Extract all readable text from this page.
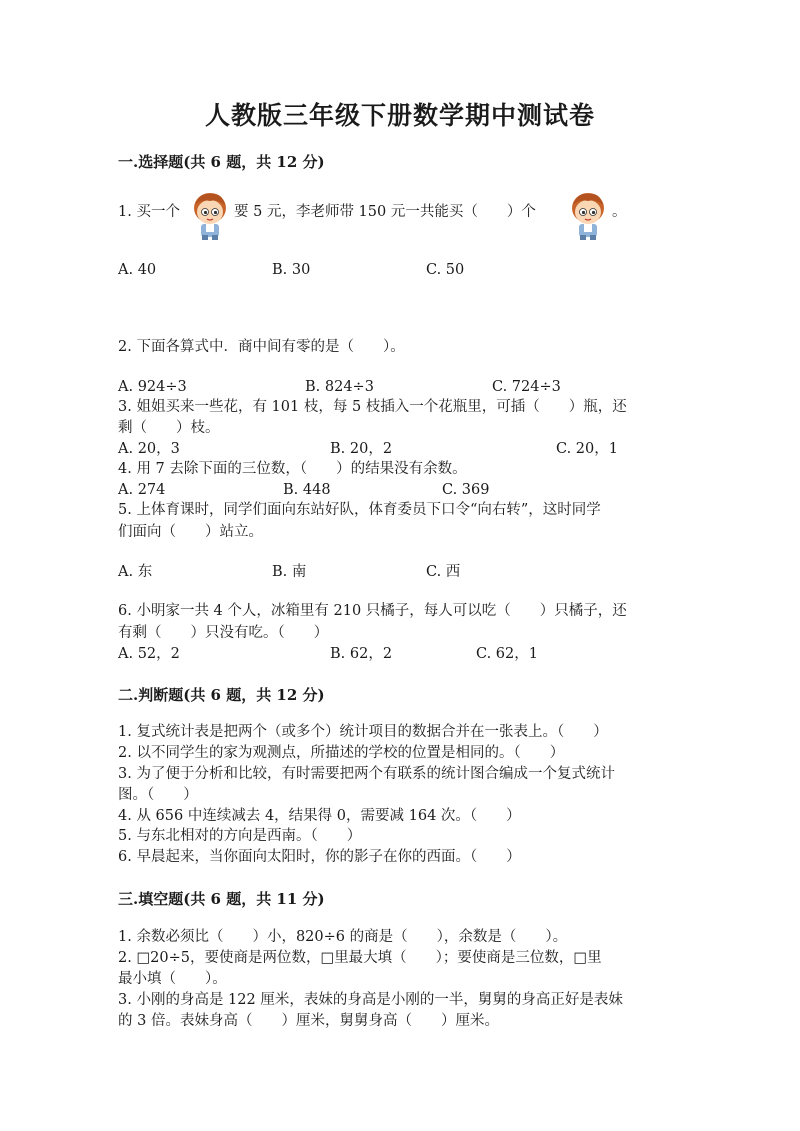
人教版三年级下册数学期中测试卷
一.选择题(共 6 题，共 12 分)
1. 买一个	要 5 元，李老师带 150 元一共能买（　　）个	。
A. 40	B. 30	C. 50
2. 下面各算式中．商中间有零的是（　　）。
A. 924÷3	B. 824÷3	C. 724÷3
3. 姐姐买来一些花，有 101 枝，每 5 枝插入一个花瓶里，可插（　　）瓶，还
剩（　　）枝。
A. 20，3	B. 20，2	C. 20，1
4. 用 7 去除下面的三位数，（　　）的结果没有余数。
A. 274	B. 448	C. 369
5. 上体育课时，同学们面向东站好队，体育委员下口令“向右转”，这时同学
们面向（　　）站立。
A. 东	B. 南	C. 西
6. 小明家一共 4 个人，冰箱里有 210 只橘子，每人可以吃（　　）只橘子，还
有剩（　　）只没有吃。（　　）
A. 52，2	B. 62，2	C. 62，1
二.判断题(共 6 题，共 12 分)
1. 复式统计表是把两个（或多个）统计项目的数据合并在一张表上。（　　）
2. 以不同学生的家为观测点，所描述的学校的位置是相同的。（　　）
3. 为了便于分析和比较，有时需要把两个有联系的统计图合编成一个复式统计
图。（　　）
4. 从 656 中连续减去 4，结果得 0，需要减 164 次。（　　）
5. 与东北相对的方向是西南。（　　）
6. 早晨起来，当你面向太阳时，你的影子在你的西面。（　　）
三.填空题(共 6 题，共 11 分)
1. 余数必须比（　　）小，820÷6 的商是（　　），余数是（　　）。
2. □20÷5，要使商是两位数，□里最大填（　　）；要使商是三位数，□里
最小填（　　）。
3. 小刚的身高是 122 厘米，表妹的身高是小刚的一半，舅舅的身高正好是表妹
的 3 倍。表妹身高（　　）厘米，舅舅身高（　　）厘米。
